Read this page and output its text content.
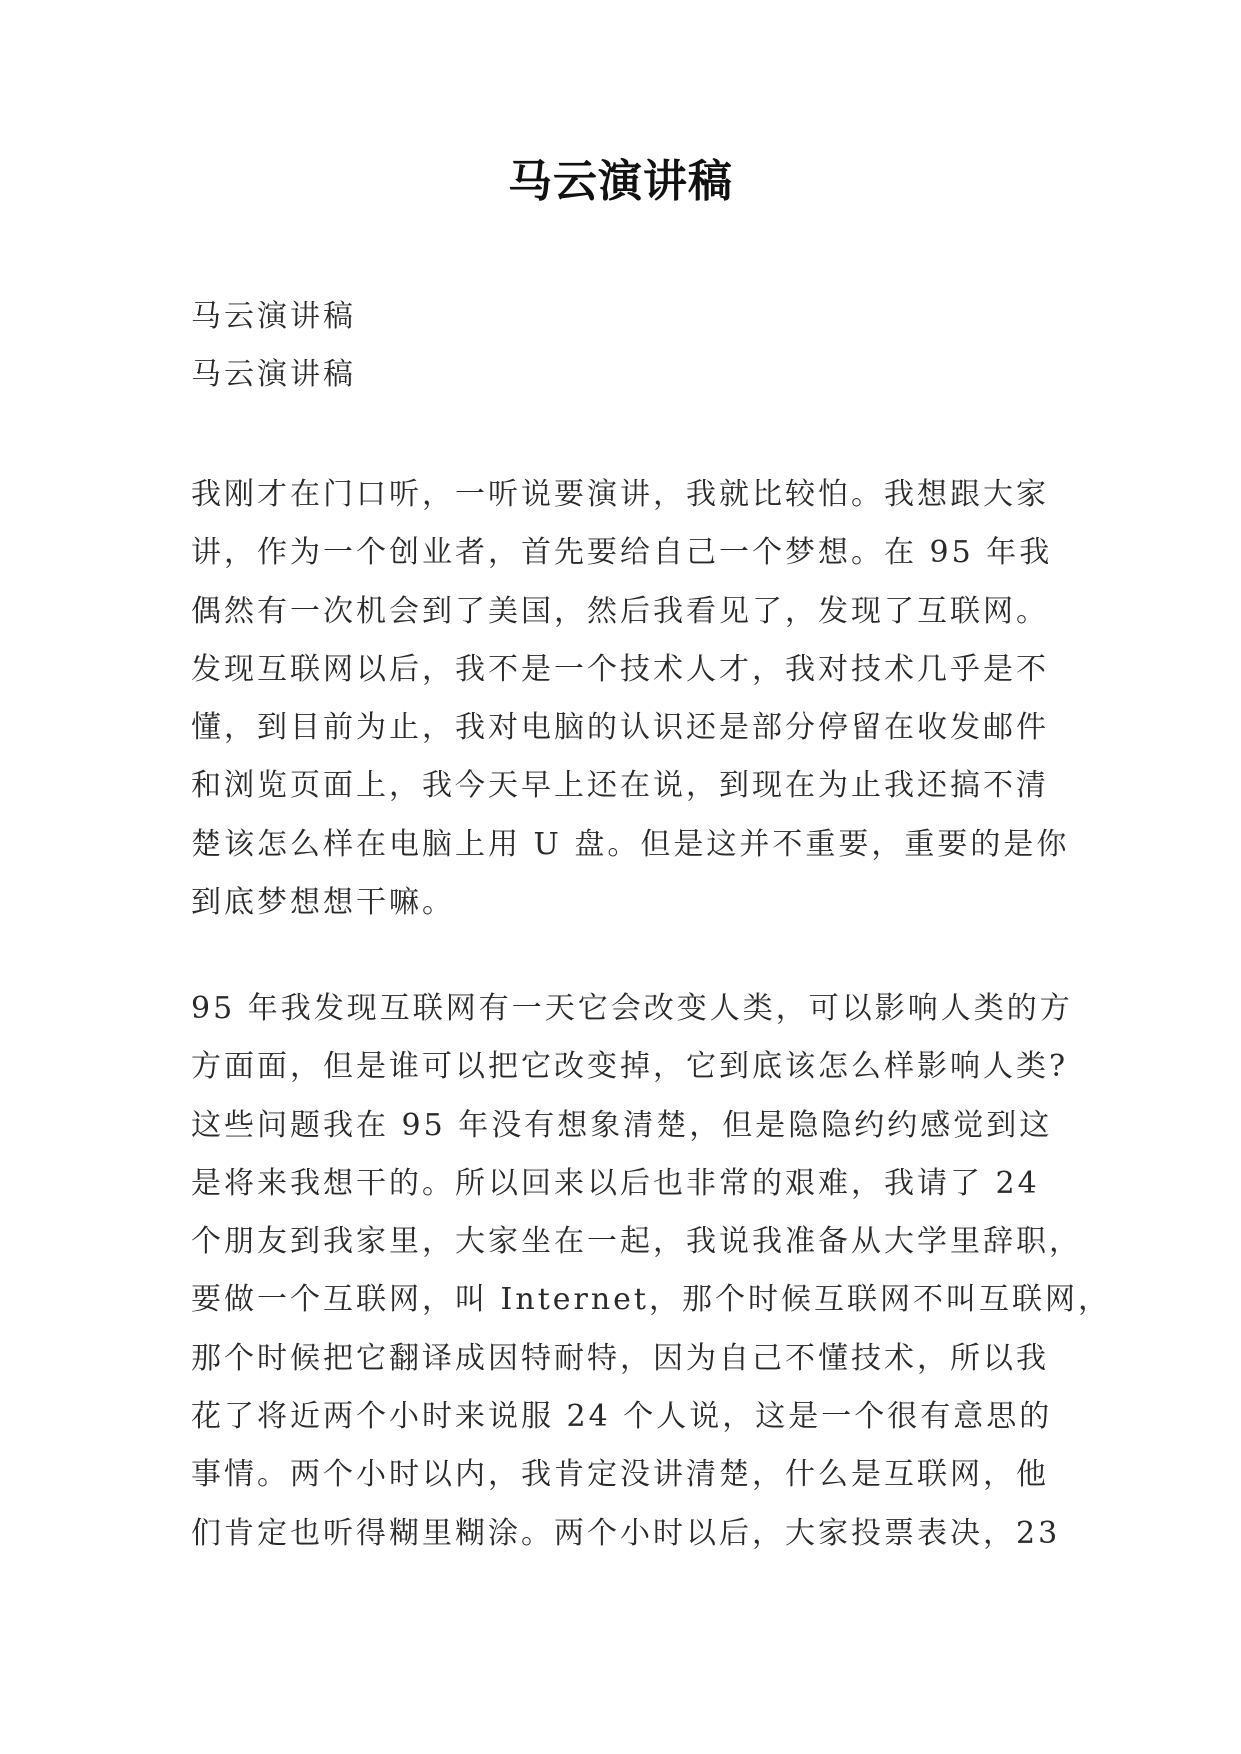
马云演讲稿
马云演讲稿
马云演讲稿
我刚才在门口听，一听说要演讲，我就比较怕。我想跟大家
讲，作为一个创业者，首先要给自己一个梦想。在 95 年我
偶然有一次机会到了美国，然后我看见了，发现了互联网。
发现互联网以后，我不是一个技术人才，我对技术几乎是不
懂，到目前为止，我对电脑的认识还是部分停留在收发邮件
和浏览页面上，我今天早上还在说，到现在为止我还搞不清
楚该怎么样在电脑上用 U 盘。但是这并不重要，重要的是你
到底梦想想干嘛。
95 年我发现互联网有一天它会改变人类，可以影响人类的方
方面面，但是谁可以把它改变掉，它到底该怎么样影响人类?
这些问题我在 95 年没有想象清楚，但是隐隐约约感觉到这
是将来我想干的。所以回来以后也非常的艰难，我请了 24
个朋友到我家里，大家坐在一起，我说我准备从大学里辞职，
要做一个互联网，叫 Internet，那个时候互联网不叫互联网，
那个时候把它翻译成因特耐特，因为自己不懂技术，所以我
花了将近两个小时来说服 24 个人说，这是一个很有意思的
事情。两个小时以内，我肯定没讲清楚，什么是互联网，他
们肯定也听得糊里糊涂。两个小时以后，大家投票表决，23
